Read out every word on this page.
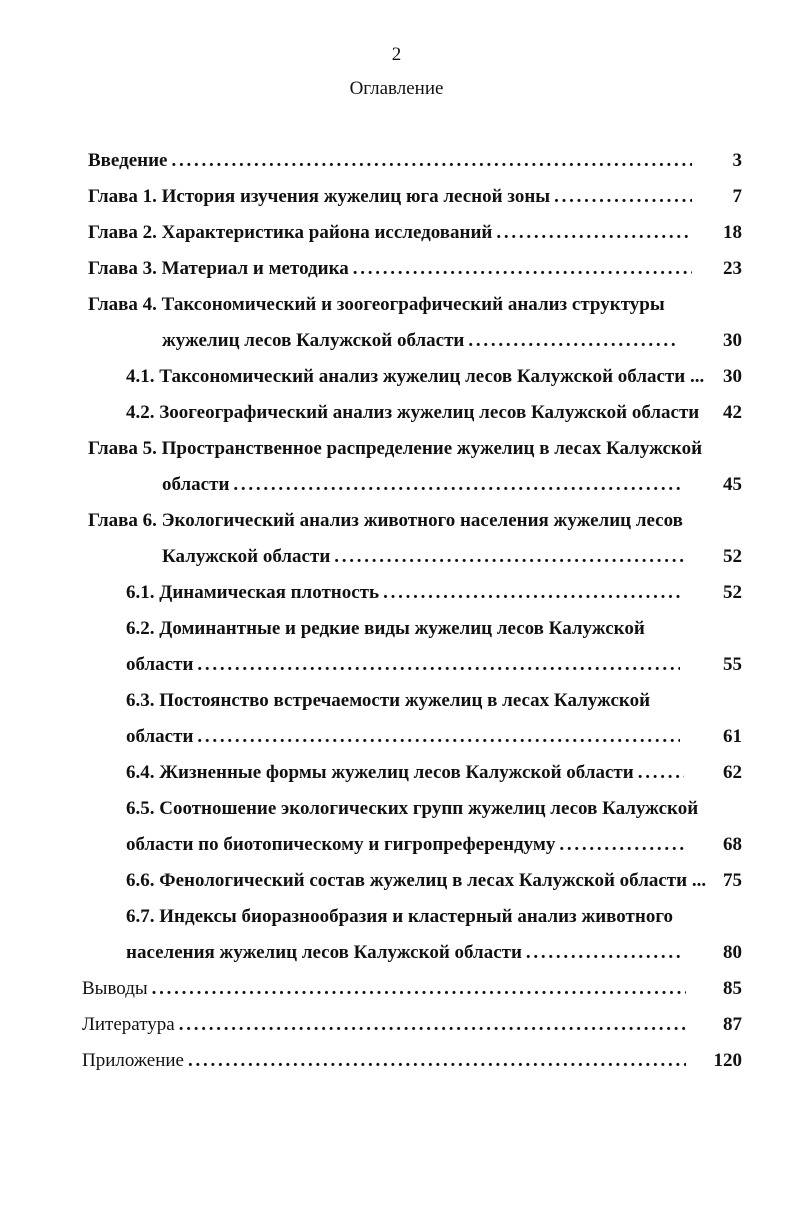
2
Оглавление
Введение . . .	3
Глава 1. История изучения жужелиц юга лесной зоны . . .	7
Глава 2. Характеристика района исследований . . .	18
Глава 3. Материал и методика . . .	23
Глава 4. Таксономический и зоогеографический анализ структуры
жужелиц лесов Калужской области . . .	30
4.1. Таксономический анализ жужелиц лесов Калужской области ... 30
4.2. Зоогеографический анализ жужелиц лесов Калужской области	42
Глава 5. Пространственное распределение жужелиц в лесах Калужской
области . . .	45
Глава 6. Экологический анализ животного населения жужелиц лесов
Калужской области . . .	52
6.1. Динамическая плотность . . .	52
6.2. Доминантные и редкие виды жужелиц лесов Калужской
области . . .	55
6.3. Постоянство встречаемости жужелиц в лесах Калужской
области . . .	61
6.4. Жизненные формы жужелиц лесов Калужской области . . .	62
6.5. Соотношение экологических групп жужелиц лесов Калужской
области по биотопическому и гигропреферендуму . . .	68
6.6. Фенологический состав жужелиц в лесах Калужской области ... 75
6.7. Индексы биоразнообразия и кластерный анализ животного
населения жужелиц лесов Калужской области . . .	80
Выводы . . .	85
Литература . . .	87
Приложение . . .	120
